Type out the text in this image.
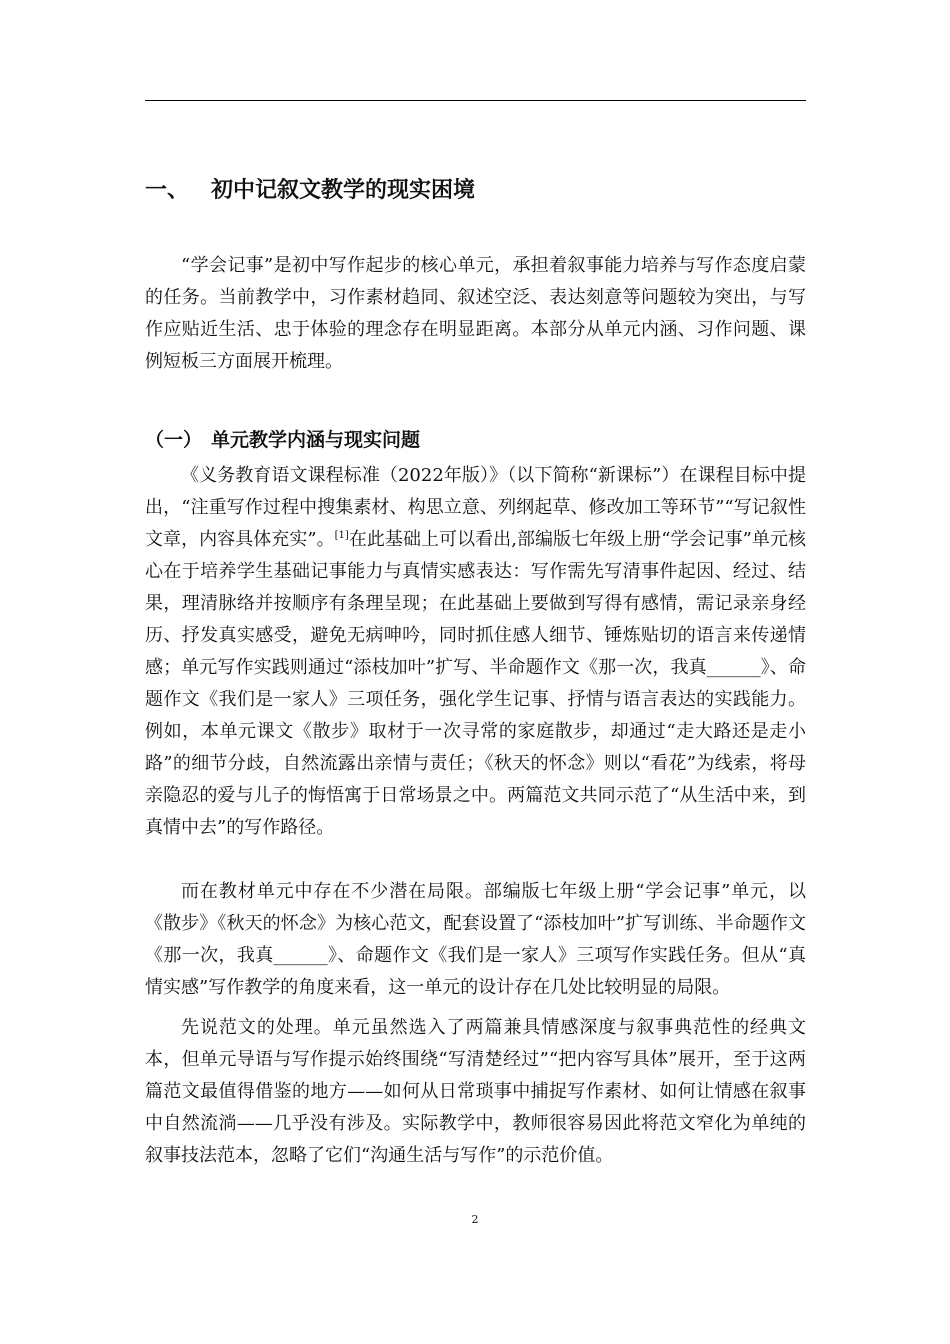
一、 初中记叙文教学的现实困境

“学会记事”是初中写作起步的核心单元，承担着叙事能力培养与写作态度启蒙的任务。当前教学中，习作素材趋同、叙述空泛、表达刻意等问题较为突出，与写作应贴近生活、忠于体验的理念存在明显距离。本部分从单元内涵、习作问题、课例短板三方面展开梳理。

（一） 单元教学内涵与现实问题

《义务教育语文课程标准（2022年版）》（以下简称“新课标”）在课程目标中提出，“注重写作过程中搜集素材、构思立意、列纲起草、修改加工等环节”“写记叙性文章，内容具体充实”。[1]在此基础上可以看出,部编版七年级上册“学会记事”单元核心在于培养学生基础记事能力与真情实感表达：写作需先写清事件起因、经过、结果，理清脉络并按顺序有条理呈现；在此基础上要做到写得有感情，需记录亲身经历、抒发真实感受，避免无病呻吟，同时抓住感人细节、锤炼贴切的语言来传递情感；单元写作实践则通过“添枝加叶”扩写、半命题作文《那一次，我真______》、命题作文《我们是一家人》三项任务，强化学生记事、抒情与语言表达的实践能力。例如，本单元课文《散步》取材于一次寻常的家庭散步，却通过“走大路还是走小路”的细节分歧，自然流露出亲情与责任；《秋天的怀念》则以“看花”为线索，将母亲隐忍的爱与儿子的悔悟寓于日常场景之中。两篇范文共同示范了“从生活中来，到真情中去”的写作路径。

而在教材单元中存在不少潜在局限。部编版七年级上册“学会记事”单元，以《散步》《秋天的怀念》为核心范文，配套设置了“添枝加叶”扩写训练、半命题作文《那一次，我真______》、命题作文《我们是一家人》三项写作实践任务。但从“真情实感”写作教学的角度来看，这一单元的设计存在几处比较明显的局限。

先说范文的处理。单元虽然选入了两篇兼具情感深度与叙事典范性的经典文本，但单元导语与写作提示始终围绕“写清楚经过”“把内容写具体”展开，至于这两篇范文最值得借鉴的地方——如何从日常琐事中捕捉写作素材、如何让情感在叙事中自然流淌——几乎没有涉及。实际教学中，教师很容易因此将范文窄化为单纯的叙事技法范本，忽略了它们“沟通生活与写作”的示范价值。

2
